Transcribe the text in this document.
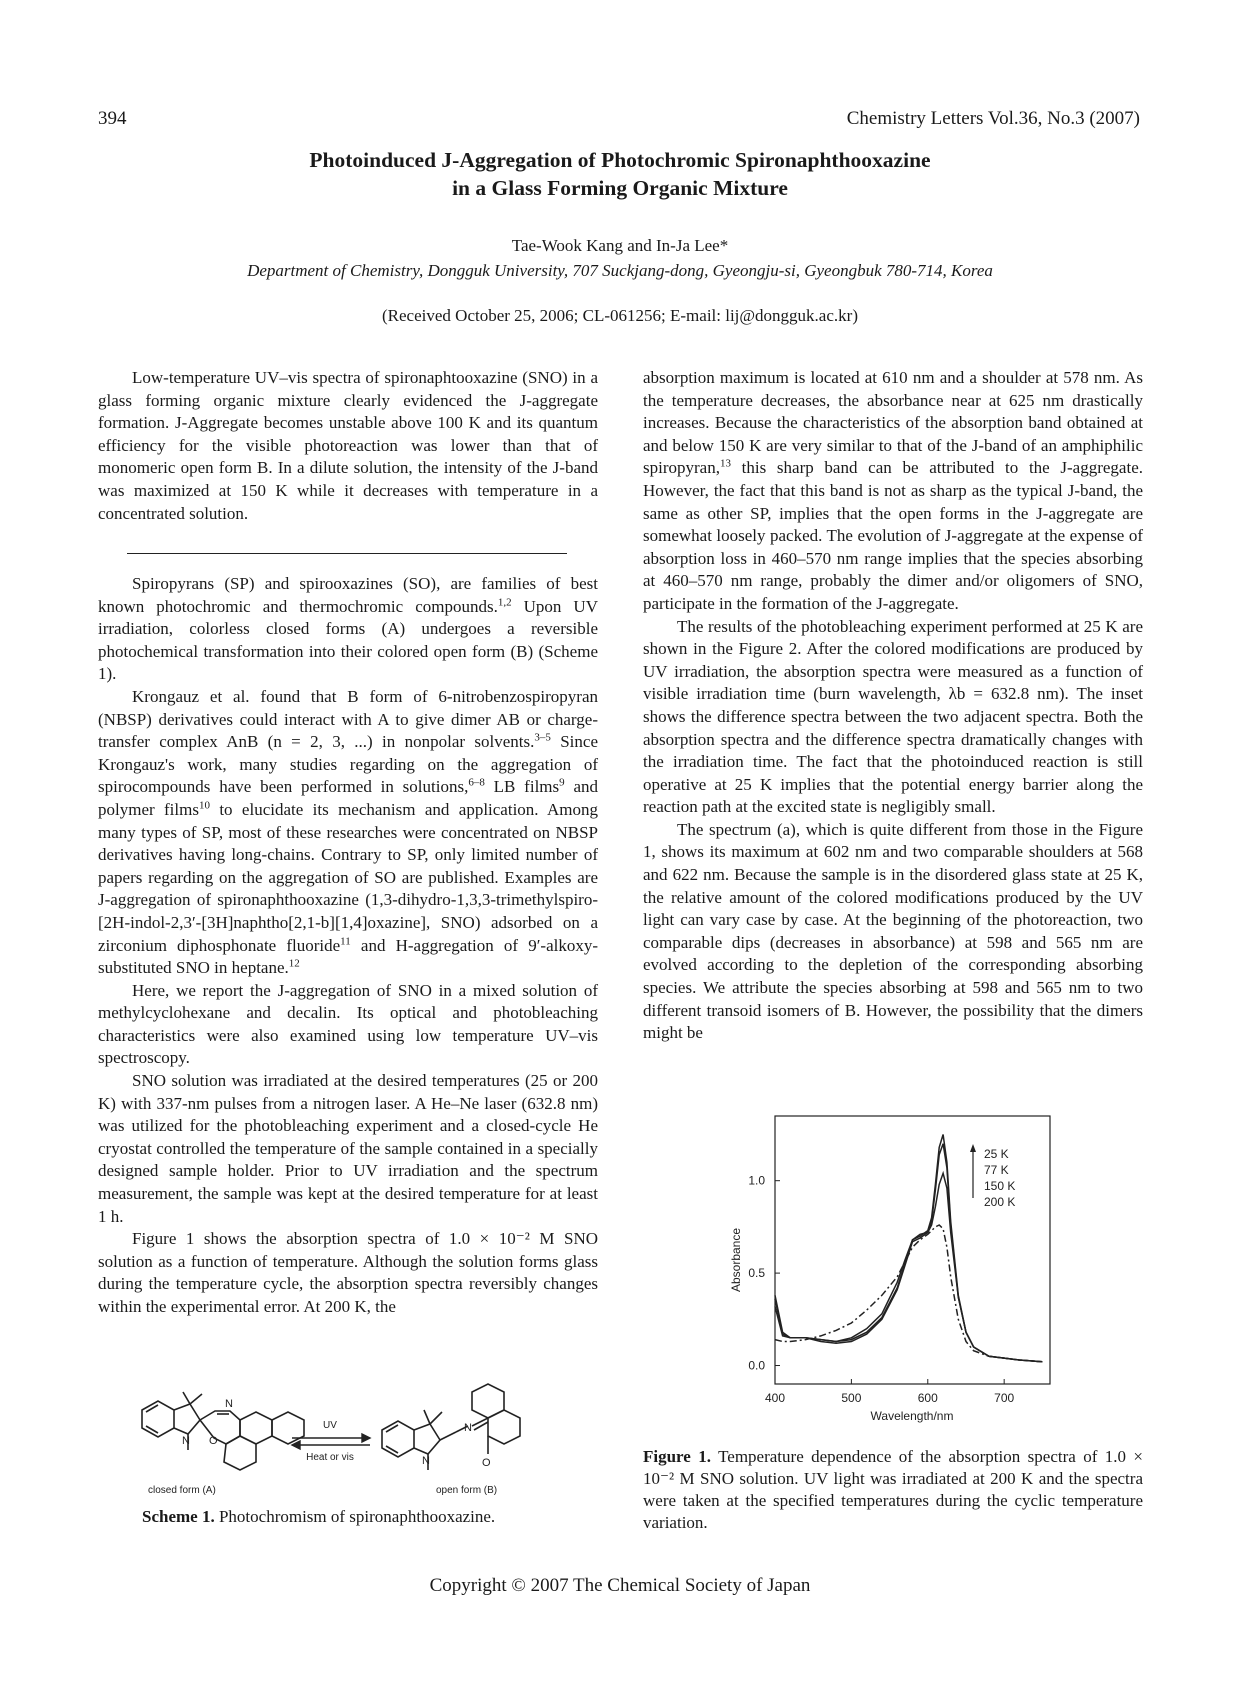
394	Chemistry Letters Vol.36, No.3 (2007)
Photoinduced J-Aggregation of Photochromic Spironaphthooxazine
in a Glass Forming Organic Mixture
Tae-Wook Kang and In-Ja Lee*
Department of Chemistry, Dongguk University, 707 Suckjang-dong, Gyeongju-si, Gyeongbuk 780-714, Korea
(Received October 25, 2006; CL-061256; E-mail: lij@dongguk.ac.kr)

Low-temperature UV–vis spectra of spironaphtooxazine (SNO) in a glass forming organic mixture clearly evidenced the J-aggregate formation. J-Aggregate becomes unstable above 100 K and its quantum efficiency for the visible photoreaction was lower than that of monomeric open form B. In a dilute solution, the intensity of the J-band was maximized at 150 K while it decreases with temperature in a concentrated solution.

Spiropyrans (SP) and spirooxazines (SO), are families of best known photochromic and thermochromic compounds.$^{1,2}$ Upon UV irradiation, colorless closed forms (A) undergoes a reversible photochemical transformation into their colored open form (B) (Scheme 1).

Krongauz et al. found that B form of 6-nitrobenzospiropyran (NBSP) derivatives could interact with A to give dimer AB or charge-transfer complex AnB (n = 2, 3, ...) in nonpolar solvents.$^{3-5}$ Since Krongauz's work, many studies regarding on the aggregation of spirocompounds have been performed in solutions,$^{6-8}$ LB films$^9$ and polymer films$^{10}$ to elucidate its mechanism and application. Among many types of SP, most of these researches were concentrated on NBSP derivatives having long-chains. Contrary to SP, only limited number of papers regarding on the aggregation of SO are published. Examples are J-aggregation of spironaphthooxazine (1,3-dihydro-1,3,3-trimethylspiro-[2H-indol-2,3′-[3H]naphtho[2,1-b][1,4]oxazine], SNO) adsorbed on a zirconium diphosphonate fluoride$^{11}$ and H-aggregation of 9′-alkoxy-substituted SNO in heptane.$^{12}$

Here, we report the J-aggregation of SNO in a mixed solution of methylcyclohexane and decalin. Its optical and photobleaching characteristics were also examined using low temperature UV–vis spectroscopy.

SNO solution was irradiated at the desired temperatures (25 or 200 K) with 337-nm pulses from a nitrogen laser. A He–Ne laser (632.8 nm) was utilized for the photobleaching experiment and a closed-cycle He cryostat controlled the temperature of the sample contained in a specially designed sample holder. Prior to UV irradiation and the spectrum measurement, the sample was kept at the desired temperature for at least 1 h.

Figure 1 shows the absorption spectra of 1.0 × 10⁻² M SNO solution as a function of temperature. Although the solution forms glass during the temperature cycle, the absorption spectra reversibly changes within the experimental error. At 200 K, the

absorption maximum is located at 610 nm and a shoulder at 578 nm. As the temperature decreases, the absorbance near at 625 nm drastically increases. Because the characteristics of the absorption band obtained at and below 150 K are very similar to that of the J-band of an amphiphilic spiropyran,$^{13}$ this sharp band can be attributed to the J-aggregate. However, the fact that this band is not as sharp as the typical J-band, the same as other SP, implies that the open forms in the J-aggregate are somewhat loosely packed. The evolution of J-aggregate at the expense of absorption loss in 460–570 nm range implies that the species absorbing at 460–570 nm range, probably the dimer and/or oligomers of SNO, participate in the formation of the J-aggregate.

The results of the photobleaching experiment performed at 25 K are shown in the Figure 2. After the colored modifications are produced by UV irradiation, the absorption spectra were measured as a function of visible irradiation time (burn wavelength, λb = 632.8 nm). The inset shows the difference spectra between the two adjacent spectra. Both the absorption spectra and the difference spectra dramatically changes with the irradiation time. The fact that the photoinduced reaction is still operative at 25 K implies that the potential energy barrier along the reaction path at the excited state is negligibly small.

The spectrum (a), which is quite different from those in the Figure 1, shows its maximum at 602 nm and two comparable shoulders at 568 and 622 nm. Because the sample is in the disordered glass state at 25 K, the relative amount of the colored modifications produced by the UV light can vary case by case. At the beginning of the photoreaction, two comparable dips (decreases in absorbance) at 598 and 565 nm are evolved according to the depletion of the corresponding absorbing species. We attribute the species absorbing at 598 and 565 nm to two different transoid isomers of B. However, the possibility that the dimers might be

N
O
N
UV
Heat or vis
N
N	O
closed form (A)	open form (B)
Scheme 1. Photochromism of spironaphthooxazine.
400	500	600	700
0.0
0.5
1.0
Absorbance
Wavelength/nm
25 K
77 K
150 K
200 K
Figure 1. Temperature dependence of the absorption spectra of 1.0 × 10⁻² M SNO solution. UV light was irradiated at 200 K and the spectra were taken at the specified temperatures during the cyclic temperature variation.
Copyright © 2007 The Chemical Society of Japan
